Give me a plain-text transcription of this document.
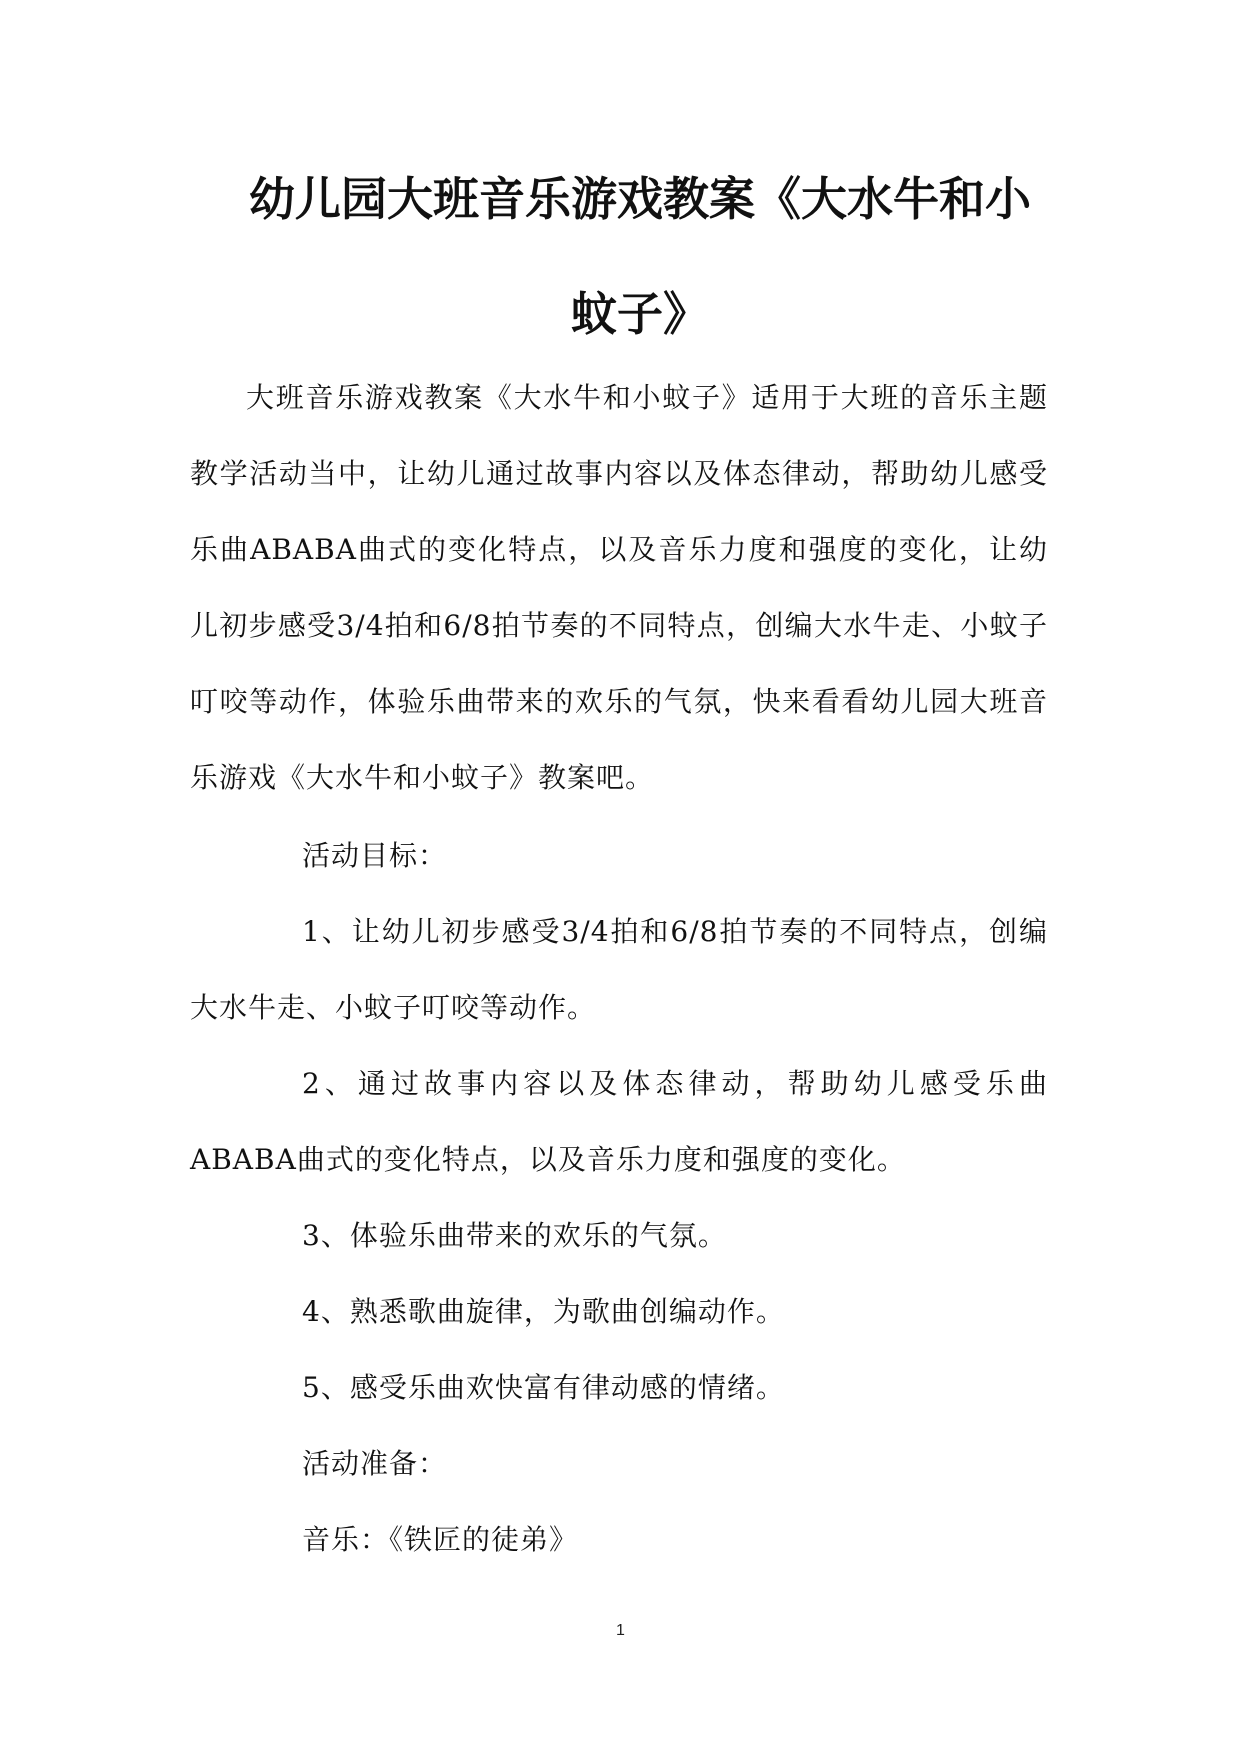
幼儿园大班音乐游戏教案《大水牛和小蚊子》

大班音乐游戏教案《大水牛和小蚊子》适用于大班的音乐主题教学活动当中，让幼儿通过故事内容以及体态律动，帮助幼儿感受乐曲ABABA曲式的变化特点，以及音乐力度和强度的变化，让幼儿初步感受3/4拍和6/8拍节奏的不同特点，创编大水牛走、小蚊子叮咬等动作，体验乐曲带来的欢乐的气氛，快来看看幼儿园大班音乐游戏《大水牛和小蚊子》教案吧。

活动目标：

1、让幼儿初步感受3/4拍和6/8拍节奏的不同特点，创编大水牛走、小蚊子叮咬等动作。

2、通过故事内容以及体态律动，帮助幼儿感受乐曲ABABA曲式的变化特点，以及音乐力度和强度的变化。

3、体验乐曲带来的欢乐的气氛。

4、熟悉歌曲旋律，为歌曲创编动作。

5、感受乐曲欢快富有律动感的情绪。

活动准备：

音乐：《铁匠的徒弟》

1
